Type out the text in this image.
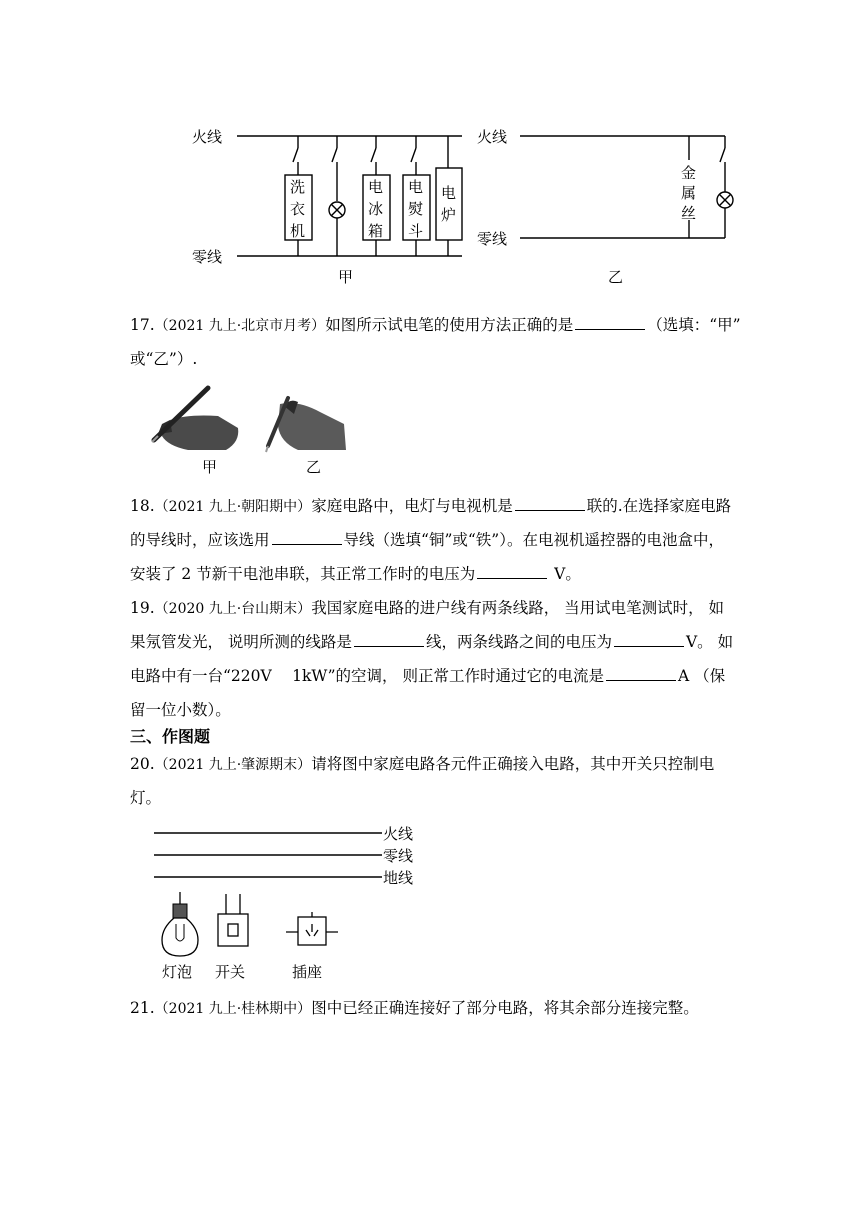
火线
零线
洗
衣
机
电
冰
箱
电
熨
斗
电
炉
甲
火线
零线
金
属
丝
乙
17.（2021 九上·北京市月考）如图所示试电笔的使用方法正确的是	（选填：“甲”
或“乙”）.
甲	乙
18.（2021 九上·朝阳期中）家庭电路中，电灯与电视机是	联的.在选择家庭电路
的导线时，应该选用	导线（选填“铜”或“铁”）。在电视机遥控器的电池盒中，
安装了 2 节新干电池串联，其正常工作时的电压为	V。
19.（2020 九上·台山期末）我国家庭电路的进户线有两条线路， 当用试电笔测试时， 如
果氖管发光， 说明所测的线路是	线，两条线路之间的电压为	V。 如
电路中有一台“220V　 1kW”的空调， 则正常工作时通过它的电流是	A （保
留一位小数）。
三、作图题
20.（2021 九上·肇源期末）请将图中家庭电路各元件正确接入电路，其中开关只控制电
灯。
火线
零线
地线
灯泡 开关	插座
21.（2021 九上·桂林期中）图中已经正确连接好了部分电路，将其余部分连接完整。
